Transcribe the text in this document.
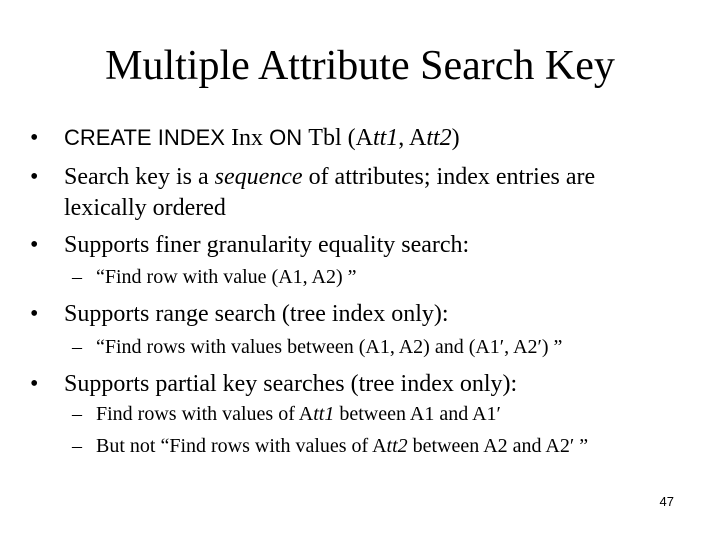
Multiple Attribute Search Key
• CREATE INDEX Inx ON Tbl (Att1, Att2)
• Search key is a sequence of attributes; index entries are
lexically ordered
• Supports finer granularity equality search:
– “Find row with value (A1, A2) ”
• Supports range search (tree index only):
– “Find rows with values between (A1, A2) and (A1′, A2′) ”
• Supports partial key searches (tree index only):
– Find rows with values of Att1 between A1 and A1′
– But not “Find rows with values of Att2 between A2 and A2′ ”
47
